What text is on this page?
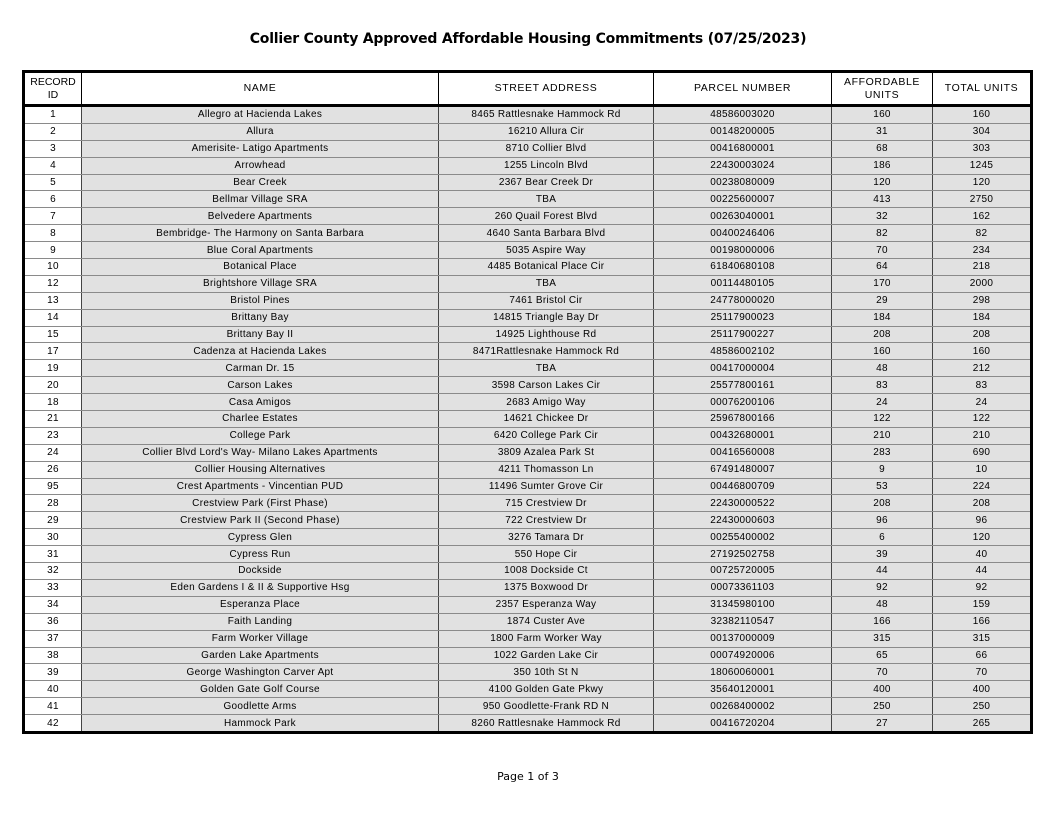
Collier County Approved Affordable Housing Commitments (07/25/2023)
RECORD ID	NAME	STREET ADDRESS	PARCEL NUMBER	AFFORDABLE UNITS	TOTAL UNITS
1	Allegro at Hacienda Lakes	8465 Rattlesnake Hammock Rd	48586003020	160	160
2	Allura	16210 Allura Cir	00148200005	31	304
3	Amerisite- Latigo Apartments	8710 Collier Blvd	00416800001	68	303
4	Arrowhead	1255 Lincoln Blvd	22430003024	186	1245
5	Bear Creek	2367 Bear Creek Dr	00238080009	120	120
6	Bellmar Village SRA	TBA	00225600007	413	2750
7	Belvedere Apartments	260 Quail Forest Blvd	00263040001	32	162
8	Bembridge- The Harmony on Santa Barbara	4640 Santa Barbara Blvd	00400246406	82	82
9	Blue Coral Apartments	5035 Aspire Way	00198000006	70	234
10	Botanical Place	4485 Botanical Place Cir	61840680108	64	218
12	Brightshore Village SRA	TBA	00114480105	170	2000
13	Bristol Pines	7461 Bristol Cir	24778000020	29	298
14	Brittany Bay	14815 Triangle Bay Dr	25117900023	184	184
15	Brittany Bay II	14925 Lighthouse Rd	25117900227	208	208
17	Cadenza at Hacienda Lakes	8471Rattlesnake Hammock Rd	48586002102	160	160
19	Carman Dr. 15	TBA	00417000004	48	212
20	Carson Lakes	3598 Carson Lakes Cir	25577800161	83	83
18	Casa Amigos	2683 Amigo Way	00076200106	24	24
21	Charlee Estates	14621 Chickee Dr	25967800166	122	122
23	College Park	6420 College Park Cir	00432680001	210	210
24	Collier Blvd Lord's Way- Milano Lakes Apartments	3809 Azalea Park St	00416560008	283	690
26	Collier Housing Alternatives	4211 Thomasson Ln	67491480007	9	10
95	Crest Apartments - Vincentian PUD	11496 Sumter Grove Cir	00446800709	53	224
28	Crestview Park (First Phase)	715 Crestview Dr	22430000522	208	208
29	Crestview Park II (Second Phase)	722 Crestview Dr	22430000603	96	96
30	Cypress Glen	3276 Tamara Dr	00255400002	6	120
31	Cypress Run	550 Hope Cir	27192502758	39	40
32	Dockside	1008 Dockside Ct	00725720005	44	44
33	Eden Gardens I & II & Supportive Hsg	1375 Boxwood Dr	00073361103	92	92
34	Esperanza Place	2357 Esperanza Way	31345980100	48	159
36	Faith Landing	1874 Custer Ave	32382110547	166	166
37	Farm Worker Village	1800 Farm Worker Way	00137000009	315	315
38	Garden Lake Apartments	1022 Garden Lake Cir	00074920006	65	66
39	George Washington Carver Apt	350 10th St N	18060060001	70	70
40	Golden Gate Golf Course	4100 Golden Gate Pkwy	35640120001	400	400
41	Goodlette Arms	950 Goodlette-Frank RD N	00268400002	250	250
42	Hammock Park	8260 Rattlesnake Hammock Rd	00416720204	27	265
Page 1 of 3
